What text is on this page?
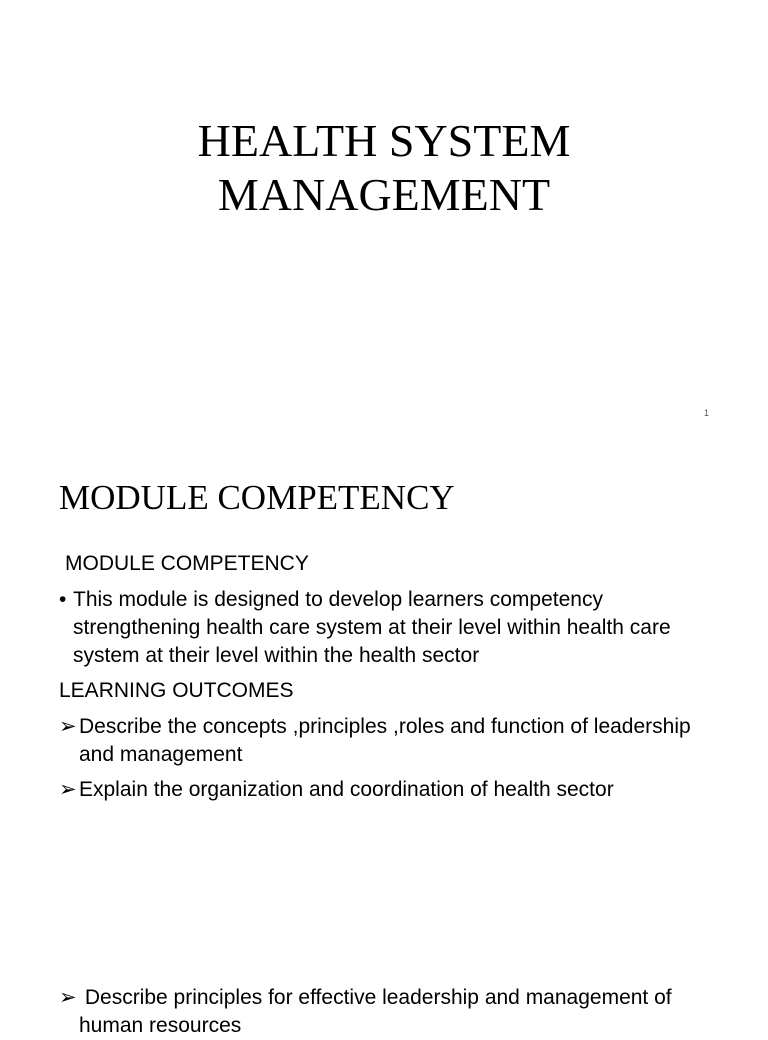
HEALTH SYSTEM
MANAGEMENT
1
MODULE COMPETENCY
MODULE COMPETENCY
• This module is designed to develop learners competency strengthening health care system at their level within health care system at their level within the health sector
LEARNING OUTCOMES
➢ Describe the concepts ,principles ,roles and function of leadership and management
➢ Explain the organization and coordination of health sector
➢ Describe principles for effective leadership and management of human resources
